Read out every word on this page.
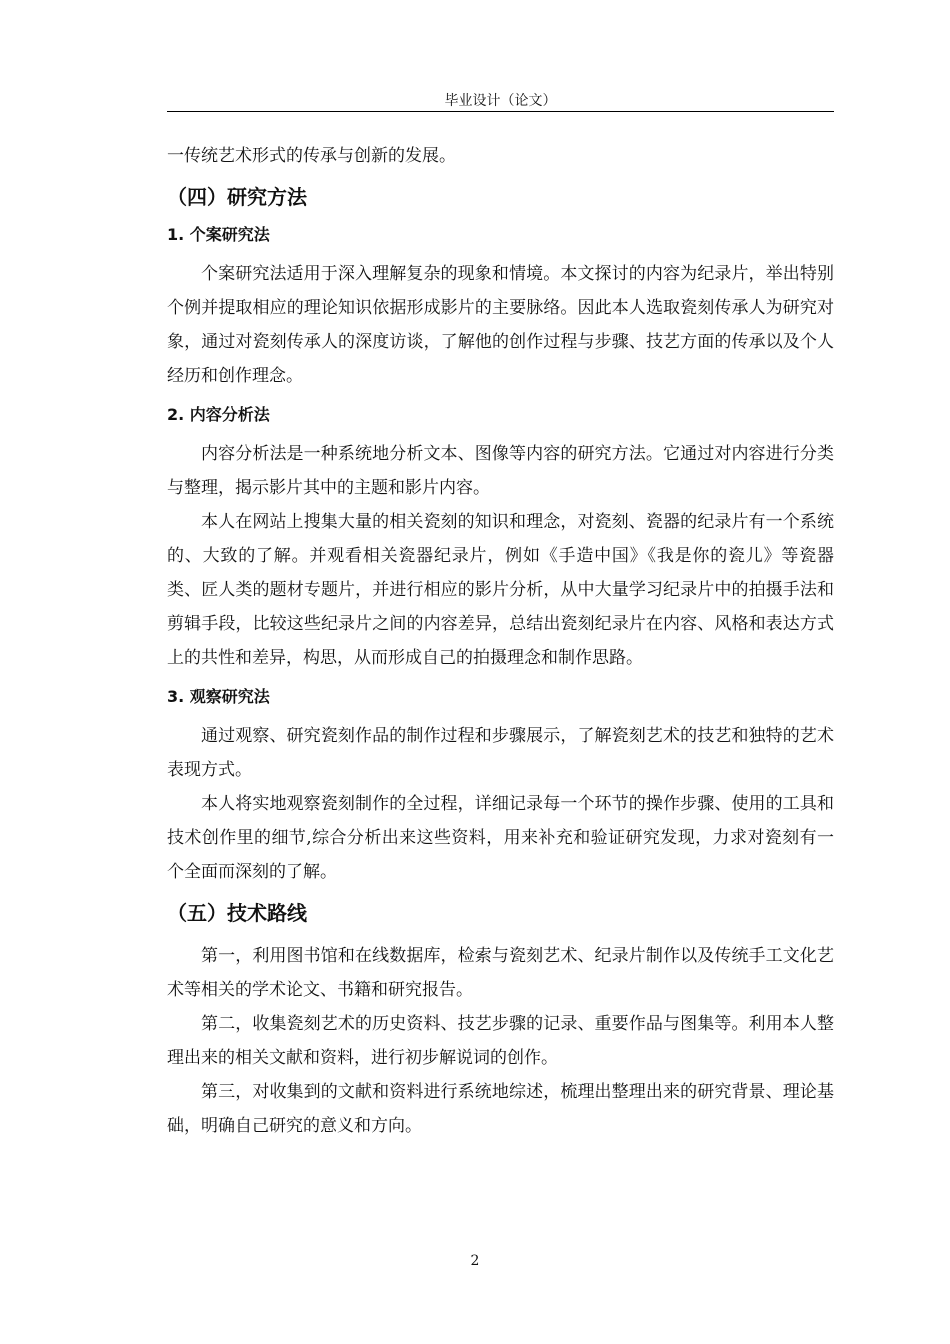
毕业设计（论文）

一传统艺术形式的传承与创新的发展。

（四）研究方法
1. 个案研究法

个案研究法适用于深入理解复杂的现象和情境。本文探讨的内容为纪录片，举出特别个例并提取相应的理论知识依据形成影片的主要脉络。因此本人选取瓷刻传承人为研究对象，通过对瓷刻传承人的深度访谈，了解他的创作过程与步骤、技艺方面的传承以及个人经历和创作理念。

2. 内容分析法

内容分析法是一种系统地分析文本、图像等内容的研究方法。它通过对内容进行分类与整理，揭示影片其中的主题和影片内容。

本人在网站上搜集大量的相关瓷刻的知识和理念，对瓷刻、瓷器的纪录片有一个系统的、大致的了解。并观看相关瓷器纪录片，例如《手造中国》《我是你的瓷儿》等瓷器类、匠人类的题材专题片，并进行相应的影片分析，从中大量学习纪录片中的拍摄手法和剪辑手段，比较这些纪录片之间的内容差异，总结出瓷刻纪录片在内容、风格和表达方式上的共性和差异，构思，从而形成自己的拍摄理念和制作思路。

3. 观察研究法

通过观察、研究瓷刻作品的制作过程和步骤展示，了解瓷刻艺术的技艺和独特的艺术表现方式。

本人将实地观察瓷刻制作的全过程，详细记录每一个环节的操作步骤、使用的工具和技术创作里的细节,综合分析出来这些资料，用来补充和验证研究发现，力求对瓷刻有一个全面而深刻的了解。

（五）技术路线

第一，利用图书馆和在线数据库，检索与瓷刻艺术、纪录片制作以及传统手工文化艺术等相关的学术论文、书籍和研究报告。

第二，收集瓷刻艺术的历史资料、技艺步骤的记录、重要作品与图集等。利用本人整理出来的相关文献和资料，进行初步解说词的创作。

第三，对收集到的文献和资料进行系统地综述，梳理出整理出来的研究背景、理论基础，明确自己研究的意义和方向。

2
